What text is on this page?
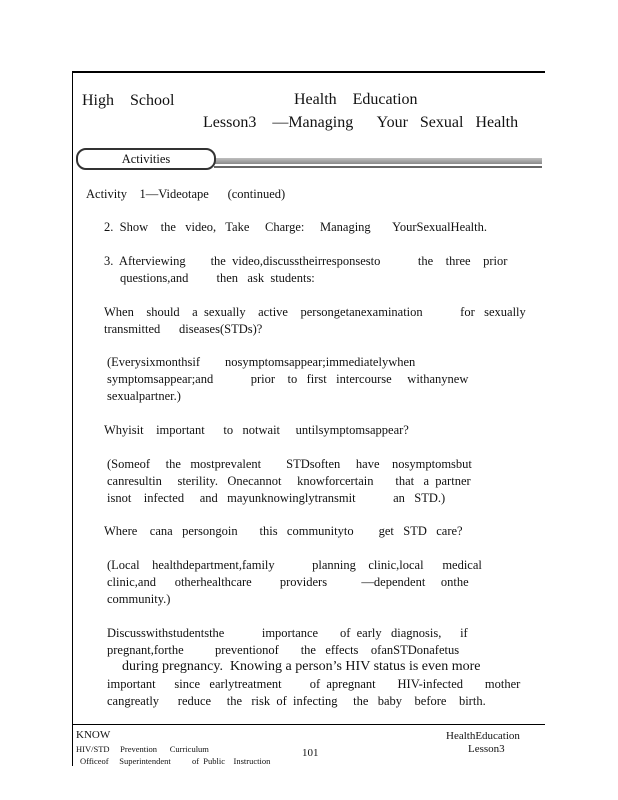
High    School	Health    Education
Lesson3    —Managing      Your   Sexual   Health
Activities
Activity    1—Videotape      (continued)
2.  Show    the   video,   Take     Charge:     Managing       YourSexualHealth.
3.  Afterviewing        the  video,discusstheirresponsesto            the    three    prior
questions,and         then   ask  students:
When    should    a  sexually    active    persongetanexamination            for   sexually
transmitted      diseases(STDs)?
(Everysixmonthsif        nosymptomsappear;immediatelywhen
symptomsappear;and            prior    to   first   intercourse     withanynew
sexualpartner.)
Whyisit    important      to   notwait     untilsymptomsappear?
(Someof     the   mostprevalent        STDsoften     have    nosymptomsbut
canresultin     sterility.   Onecannot     knowforcertain       that   a  partner
isnot    infected     and   mayunknowinglytransmit            an   STD.)
Where    cana   persongoin       this   communityto        get   STD   care?
(Local    healthdepartment,family            planning    clinic,local      medical
clinic,and      otherhealthcare         providers           —dependent     onthe
community.)
Discusswithstudentsthe            importance       of  early   diagnosis,      if
pregnant,forthe          preventionof       the   effects    ofanSTDonafetus
during pregnancy.  Knowing a person’s HIV status is even more
important      since   earlytreatment         of  apregnant       HIV-infected       mother
cangreatly      reduce     the   risk  of  infecting     the   baby    before    birth.
KNOW
HIV/STD     Prevention      Curriculum
Officeof     Superintendent          of  Public    Instruction
101
HealthEducation
Lesson3
